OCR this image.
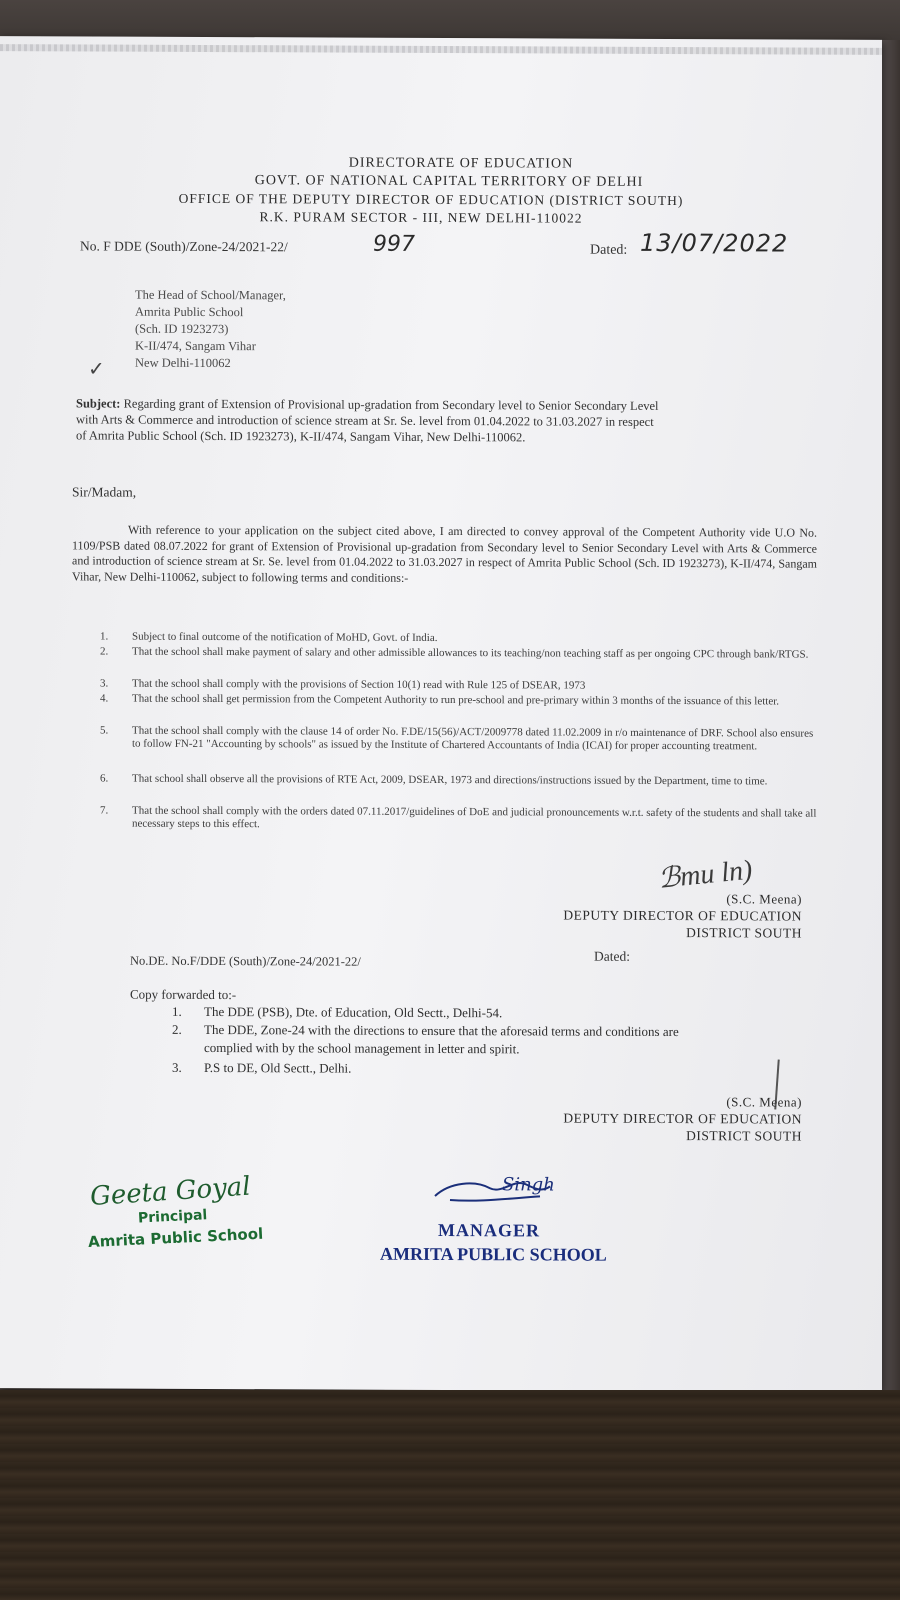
DIRECTORATE OF EDUCATION
GOVT. OF NATIONAL CAPITAL TERRITORY OF DELHI
OFFICE OF THE DEPUTY DIRECTOR OF EDUCATION (DISTRICT SOUTH)
R.K. PURAM SECTOR - III, NEW DELHI-110022
No. F DDE (South)/Zone-24/2021-22/	997	Dated: 13/07/2022
The Head of School/Manager,
Amrita Public School
(Sch. ID 1923273)
K-II/474, Sangam Vihar
New Delhi-110062
✓
Subject: Regarding grant of Extension of Provisional up-gradation from Secondary level to Senior Secondary Level
with Arts & Commerce and introduction of science stream at Sr. Se. level from 01.04.2022 to 31.03.2027 in respect
of Amrita Public School (Sch. ID 1923273), K-II/474, Sangam Vihar, New Delhi-110062.
Sir/Madam,
With reference to your application on the subject cited above, I am directed to convey approval of the Competent Authority vide U.O No. 1109/PSB dated 08.07.2022 for grant of Extension of Provisional up-gradation from Secondary level to Senior Secondary Level with Arts & Commerce and introduction of science stream at Sr. Se. level from 01.04.2022 to 31.03.2027 in respect of Amrita Public School (Sch. ID 1923273), K-II/474, Sangam Vihar, New Delhi-110062, subject to following terms and conditions:-
1.	Subject to final outcome of the notification of MoHD, Govt. of India.
2.	That the school shall make payment of salary and other admissible allowances to its teaching/non teaching staff as per ongoing CPC through bank/RTGS.
3.	That the school shall comply with the provisions of Section 10(1) read with Rule 125 of DSEAR, 1973
4.	That the school shall get permission from the Competent Authority to run pre-school and pre-primary within 3 months of the issuance of this letter.
5.	That the school shall comply with the clause 14 of order No. F.DE/15(56)/ACT/2009778 dated 11.02.2009 in r/o maintenance of DRF. School also ensures to follow FN-21 "Accounting by schools" as issued by the Institute of Chartered Accountants of India (ICAI) for proper accounting treatment.
6.	That school shall observe all the provisions of RTE Act, 2009, DSEAR, 1973 and directions/instructions issued by the Department, time to time.
7.	That the school shall comply with the orders dated 07.11.2017/guidelines of DoE and judicial pronouncements w.r.t. safety of the students and shall take all necessary steps to this effect.
ℬmu ln)
(S.C. Meena)
DEPUTY DIRECTOR OF EDUCATION
DISTRICT SOUTH
No.DE. No.F/DDE (South)/Zone-24/2021-22/	Dated:
Copy forwarded to:-
1. The DDE (PSB), Dte. of Education, Old Sectt., Delhi-54.
2. The DDE, Zone-24 with the directions to ensure that the aforesaid terms and conditions are
complied with by the school management in letter and spirit.
3. P.S to DE, Old Sectt., Delhi.
(S.C. Meena)
DEPUTY DIRECTOR OF EDUCATION
DISTRICT SOUTH
Geeta Goyal
Principal
Amrita Public School
Singh
MANAGER
AMRITA PUBLIC SCHOOL
